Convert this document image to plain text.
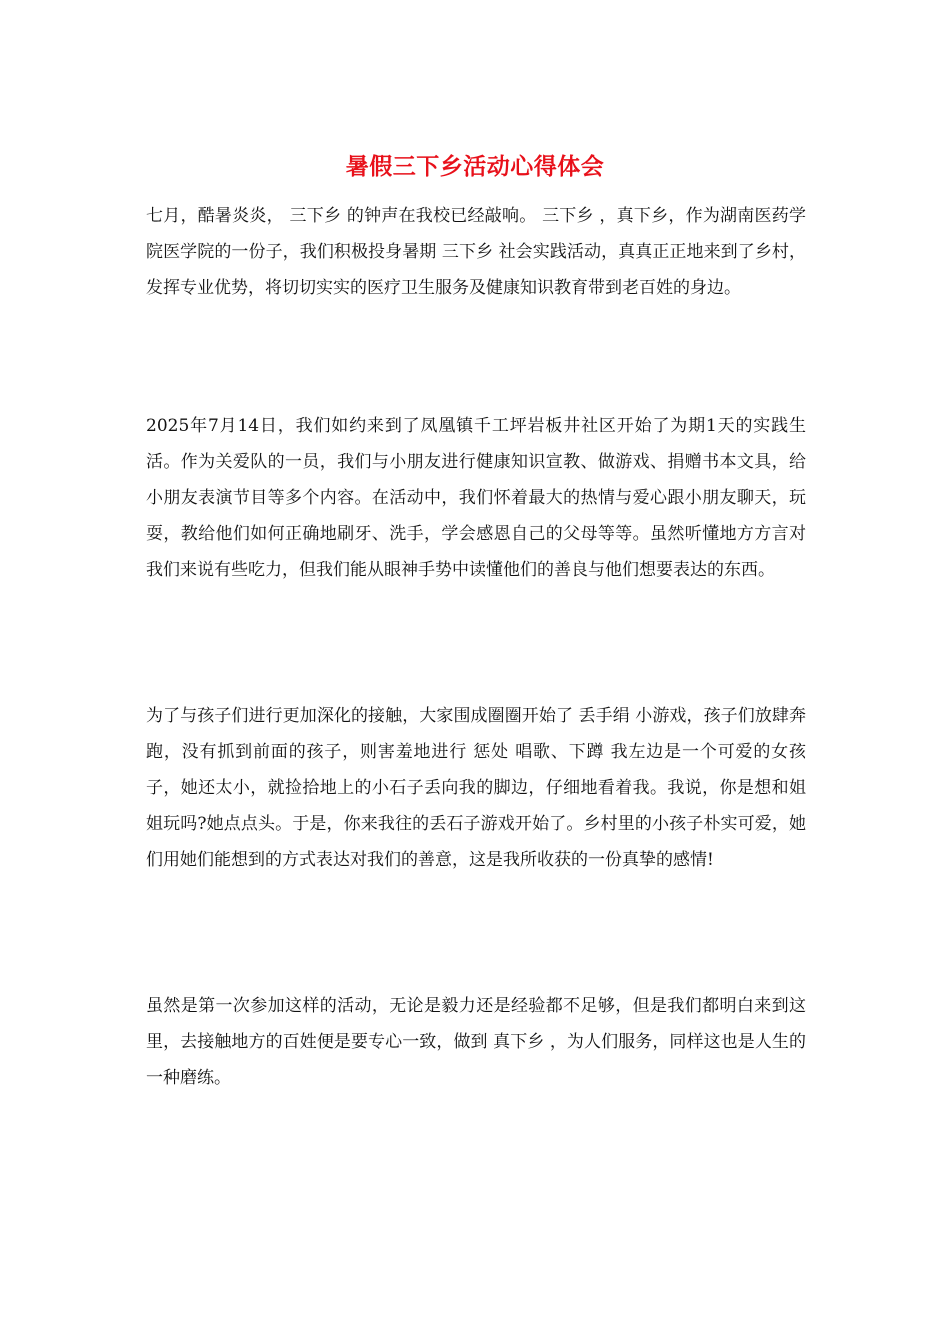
暑假三下乡活动心得体会

七月，酷暑炎炎， 三下乡 的钟声在我校已经敲响。 三下乡 ，真下乡，作为湖南医药学院医学院的一份子，我们积极投身暑期 三下乡 社会实践活动，真真正正地来到了乡村，发挥专业优势，将切切实实的医疗卫生服务及健康知识教育带到老百姓的身边。

2025年7月14日，我们如约来到了凤凰镇千工坪岩板井社区开始了为期1天的实践生活。作为关爱队的一员，我们与小朋友进行健康知识宣教、做游戏、捐赠书本文具，给小朋友表演节目等多个内容。在活动中，我们怀着最大的热情与爱心跟小朋友聊天，玩耍，教给他们如何正确地刷牙、洗手，学会感恩自己的父母等等。虽然听懂地方方言对我们来说有些吃力，但我们能从眼神手势中读懂他们的善良与他们想要表达的东西。

为了与孩子们进行更加深化的接触，大家围成圈圈开始了 丢手绢 小游戏，孩子们放肆奔跑，没有抓到前面的孩子，则害羞地进行 惩处 唱歌、下蹲 我左边是一个可爱的女孩子，她还太小，就捡拾地上的小石子丢向我的脚边，仔细地看着我。我说，你是想和姐姐玩吗?她点点头。于是，你来我往的丢石子游戏开始了。乡村里的小孩子朴实可爱，她们用她们能想到的方式表达对我们的善意，这是我所收获的一份真挚的感情!

虽然是第一次参加这样的活动，无论是毅力还是经验都不足够，但是我们都明白来到这里，去接触地方的百姓便是要专心一致，做到 真下乡 ，为人们服务，同样这也是人生的一种磨练。
